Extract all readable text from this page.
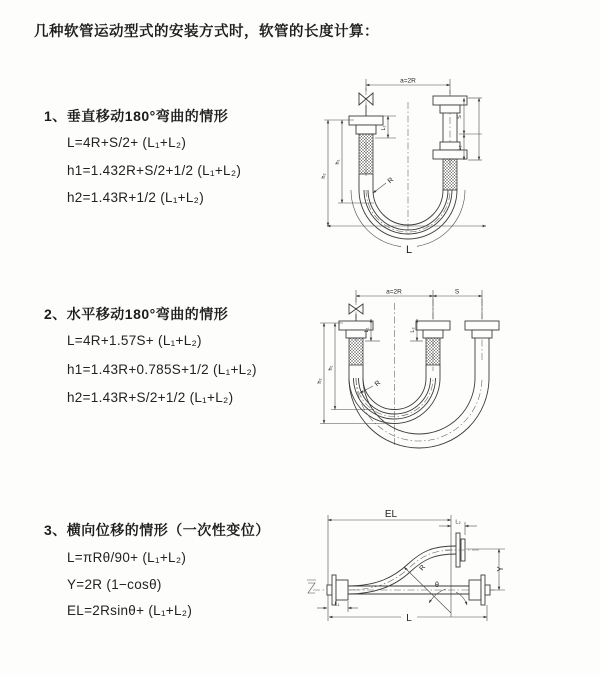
几种软管运动型式的安装方式时，软管的长度计算：
1、垂直移动180°弯曲的情形
L=4R+S/2+ (L₁+L₂)
h1=1.432R+S/2+1/2 (L₁+L₂)
h2=1.43R+1/2 (L₁+L₂)
a=2R
L
h₁
h₂
L₁
S
L₂
R
2、水平移动180°弯曲的情形
L=4R+1.57S+ (L₁+L₂)
h1=1.43R+0.785S+1/2 (L₁+L₂)
h2=1.43R+S/2+1/2 (L₁+L₂)
a=2R	S
h₁
h₂
L₁	L₂
R
3、横向位移的情形（一次性变位）
L=πRθ/90+ (L₁+L₂)
Y=2R (1−cosθ)
EL=2Rsinθ+ (L₁+L₂)
EL
L₂
Y
R
θ
L
L₁
